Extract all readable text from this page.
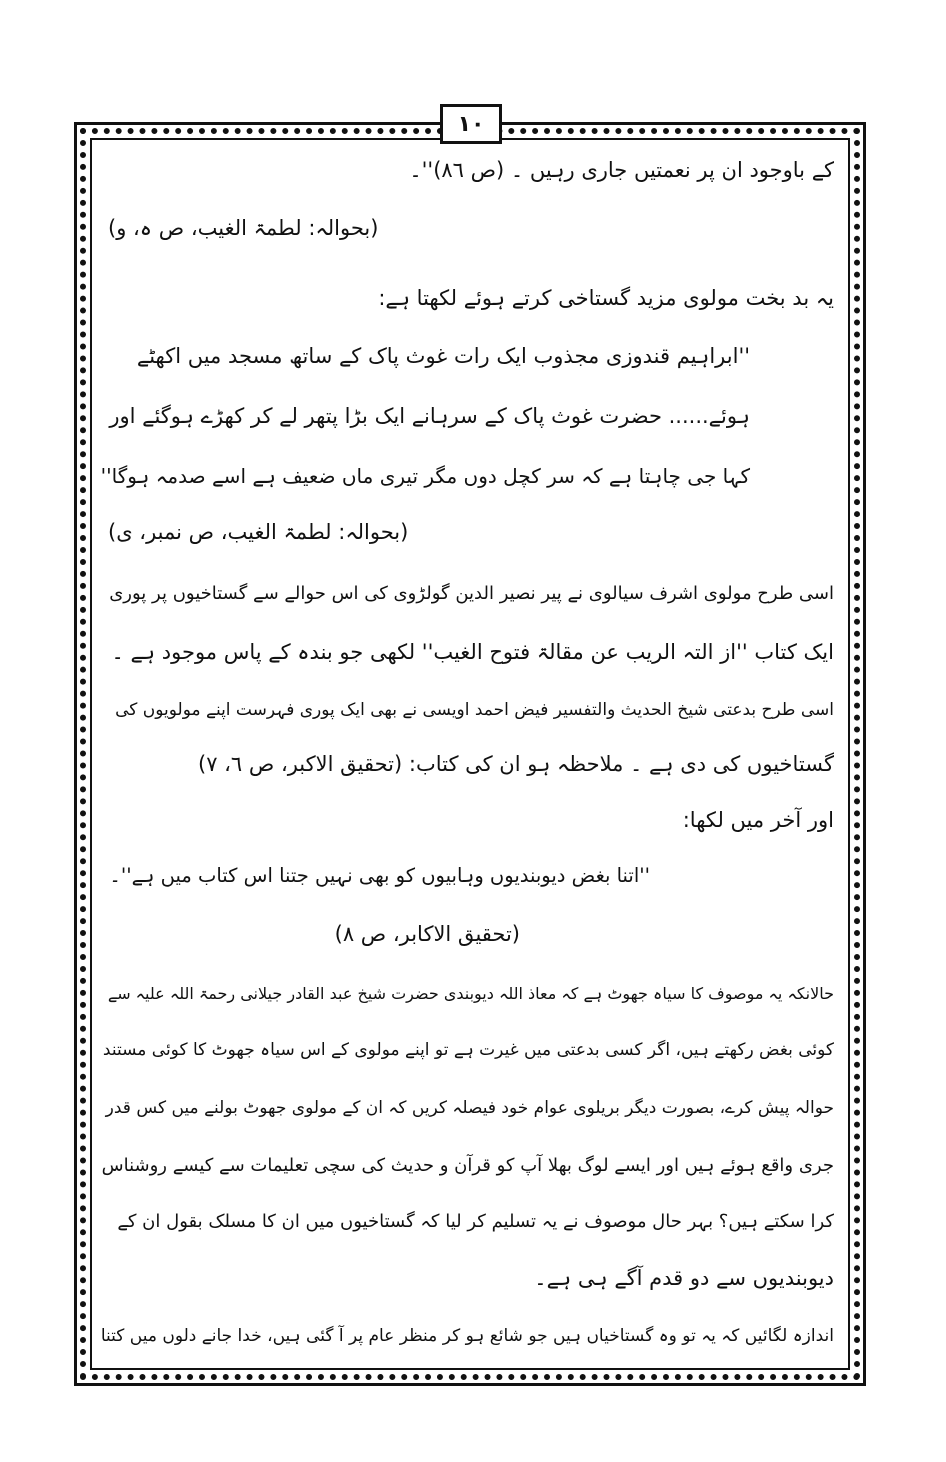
۱۰
کے باوجود ان پر نعمتیں جاری رہیں ۔ (ص ۸٦)''۔
(بحوالہ: لطمۃ الغیب، ص ہ، و)
یہ بد بخت مولوی مزید گستاخی کرتے ہوئے لکھتا ہے:
''ابراہیم قندوزی مجذوب ایک رات غوث پاک کے ساتھ مسجد میں اکھٹے
ہوئے...... حضرت غوث پاک کے سرہانے ایک بڑا پتھر لے کر کھڑے ہوگئے اور
کہا جی چاہتا ہے کہ سر کچل دوں مگر تیری ماں ضعیف ہے اسے صدمہ ہوگا''
(بحوالہ: لطمۃ الغیب، ص نمبر، ی)
اسی طرح مولوی اشرف سیالوی نے پیر نصیر الدین گولڑوی کی اس حوالے سے گستاخیوں پر پوری
ایک کتاب ''از التہ الریب عن مقالۃ فتوح الغیب'' لکھی جو بندہ کے پاس موجود ہے ۔
اسی طرح بدعتی شیخ الحدیث والتفسیر فیض احمد اویسی نے بھی ایک پوری فہرست اپنے مولویوں کی
گستاخیوں کی دی ہے ۔ ملاحظہ ہو ان کی کتاب: (تحقیق الاکبر، ص ٦، ۷)
اور آخر میں لکھا:
''اتنا بغض دیوبندیوں وہابیوں کو بھی نہیں جتنا اس کتاب میں ہے''۔
(تحقیق الاکابر، ص ۸)
حالانکہ یہ موصوف کا سیاہ جھوٹ ہے کہ معاذ اللہ دیوبندی حضرت شیخ عبد القادر جیلانی رحمۃ اللہ علیہ سے
کوئی بغض رکھتے ہیں، اگر کسی بدعتی میں غیرت ہے تو اپنے مولوی کے اس سیاہ جھوٹ کا کوئی مستند
حوالہ پیش کرے، بصورت دیگر بریلوی عوام خود فیصلہ کریں کہ ان کے مولوی جھوٹ بولنے میں کس قدر
جری واقع ہوئے ہیں اور ایسے لوگ بھلا آپ کو قرآن و حدیث کی سچی تعلیمات سے کیسے روشناس
کرا سکتے ہیں؟ بہر حال موصوف نے یہ تسلیم کر لیا کہ گستاخیوں میں ان کا مسلک بقول ان کے
دیوبندیوں سے دو قدم آگے ہی ہے۔
اندازہ لگائیں کہ یہ تو وہ گستاخیاں ہیں جو شائع ہو کر منظر عام پر آ گئی ہیں، خدا جانے دلوں میں کتنا
